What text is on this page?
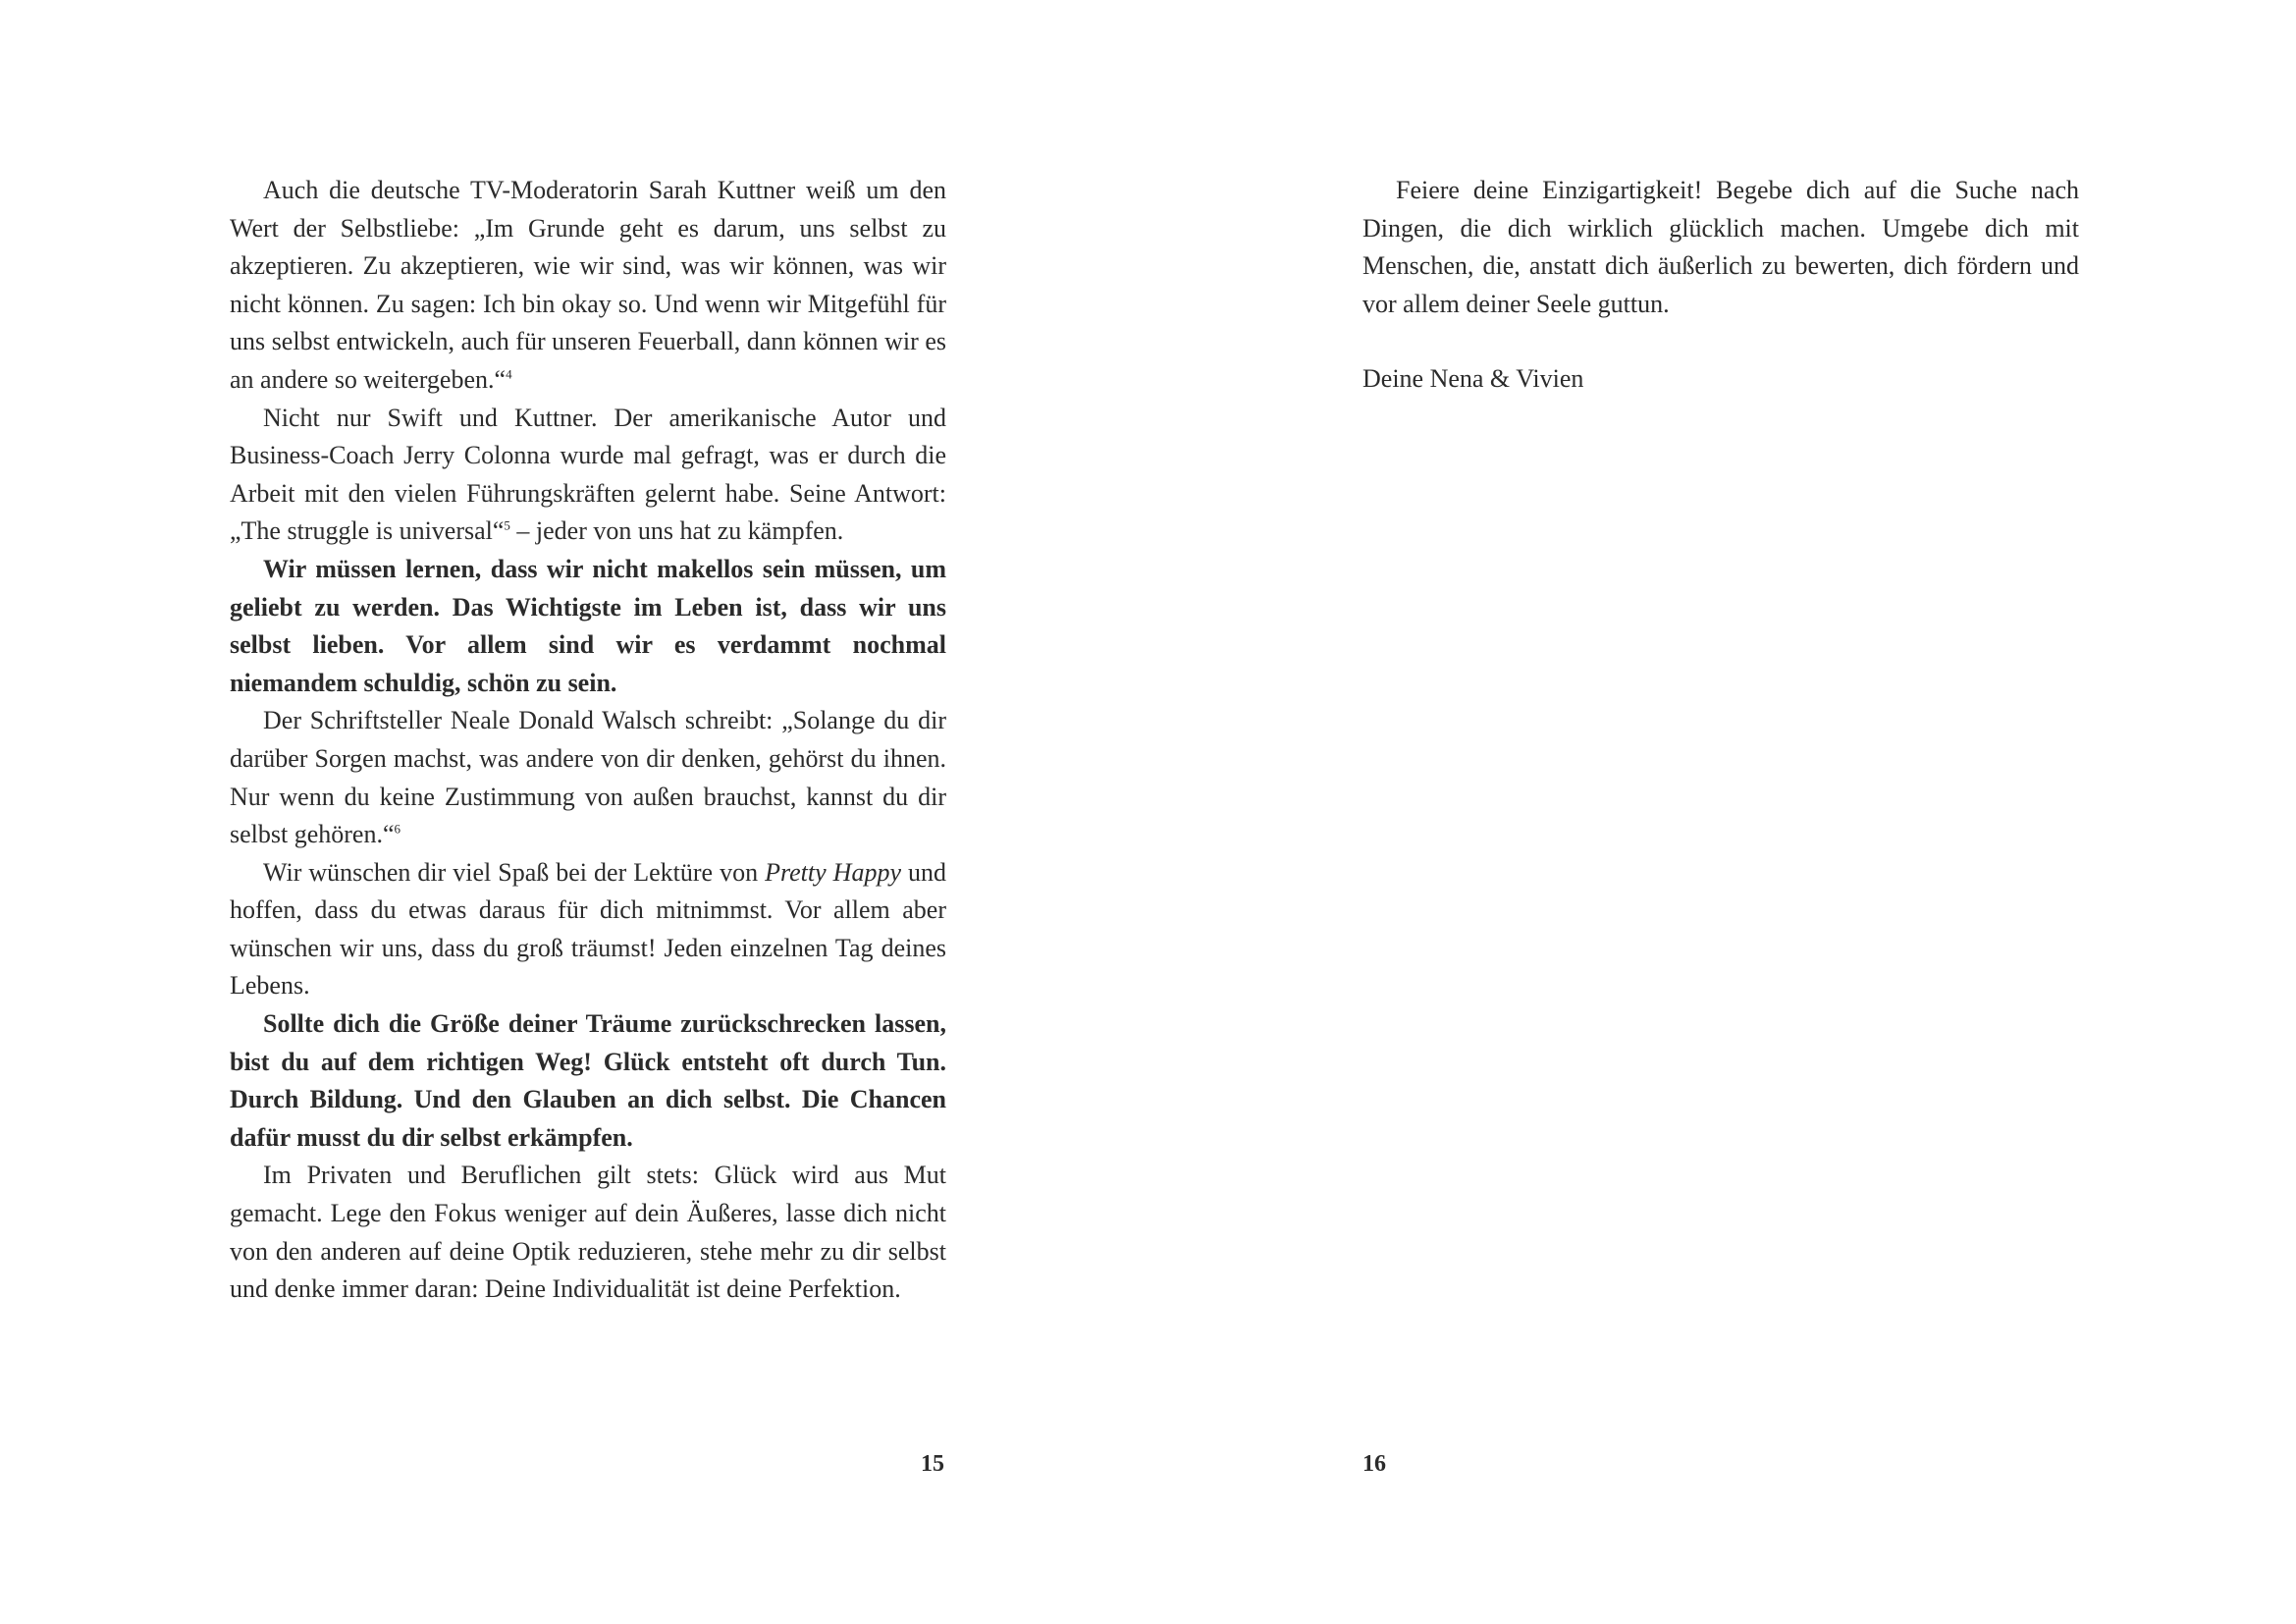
Auch die deutsche TV-Moderatorin Sarah Kuttner weiß um den Wert der Selbstliebe: „Im Grunde geht es darum, uns selbst zu akzeptieren. Zu akzeptieren, wie wir sind, was wir können, was wir nicht können. Zu sagen: Ich bin okay so. Und wenn wir Mitgefühl für uns selbst entwickeln, auch für unseren Feuerball, dann können wir es an andere so weitergeben.“$^4$

Nicht nur Swift und Kuttner. Der amerikanische Autor und Business-Coach Jerry Colonna wurde mal gefragt, was er durch die Arbeit mit den vielen Führungskräften gelernt habe. Seine Antwort: „The struggle is universal“$^5$ – jeder von uns hat zu kämpfen.

Wir müssen lernen, dass wir nicht makellos sein müssen, um geliebt zu werden. Das Wichtigste im Leben ist, dass wir uns selbst lieben. Vor allem sind wir es verdammt nochmal niemandem schuldig, schön zu sein.

Der Schriftsteller Neale Donald Walsch schreibt: „Solange du dir darüber Sorgen machst, was andere von dir denken, gehörst du ihnen. Nur wenn du keine Zustimmung von außen brauchst, kannst du dir selbst gehören.“$^6$

Wir wünschen dir viel Spaß bei der Lektüre von Pretty Happy und hoffen, dass du etwas daraus für dich mitnimmst. Vor allem aber wünschen wir uns, dass du groß träumst! Jeden einzelnen Tag deines Lebens.

Sollte dich die Größe deiner Träume zurückschrecken lassen, bist du auf dem richtigen Weg! Glück entsteht oft durch Tun. Durch Bildung. Und den Glauben an dich selbst. Die Chancen dafür musst du dir selbst erkämpfen.

Im Privaten und Beruflichen gilt stets: Glück wird aus Mut gemacht. Lege den Fokus weniger auf dein Äußeres, lasse dich nicht von den anderen auf deine Optik reduzieren, stehe mehr zu dir selbst und denke immer daran: Deine Individualität ist deine Perfektion.

15

Feiere deine Einzigartigkeit! Begebe dich auf die Suche nach Dingen, die dich wirklich glücklich machen. Umgebe dich mit Menschen, die, anstatt dich äußerlich zu bewerten, dich fördern und vor allem deiner Seele guttun.

Deine Nena & Vivien

16
